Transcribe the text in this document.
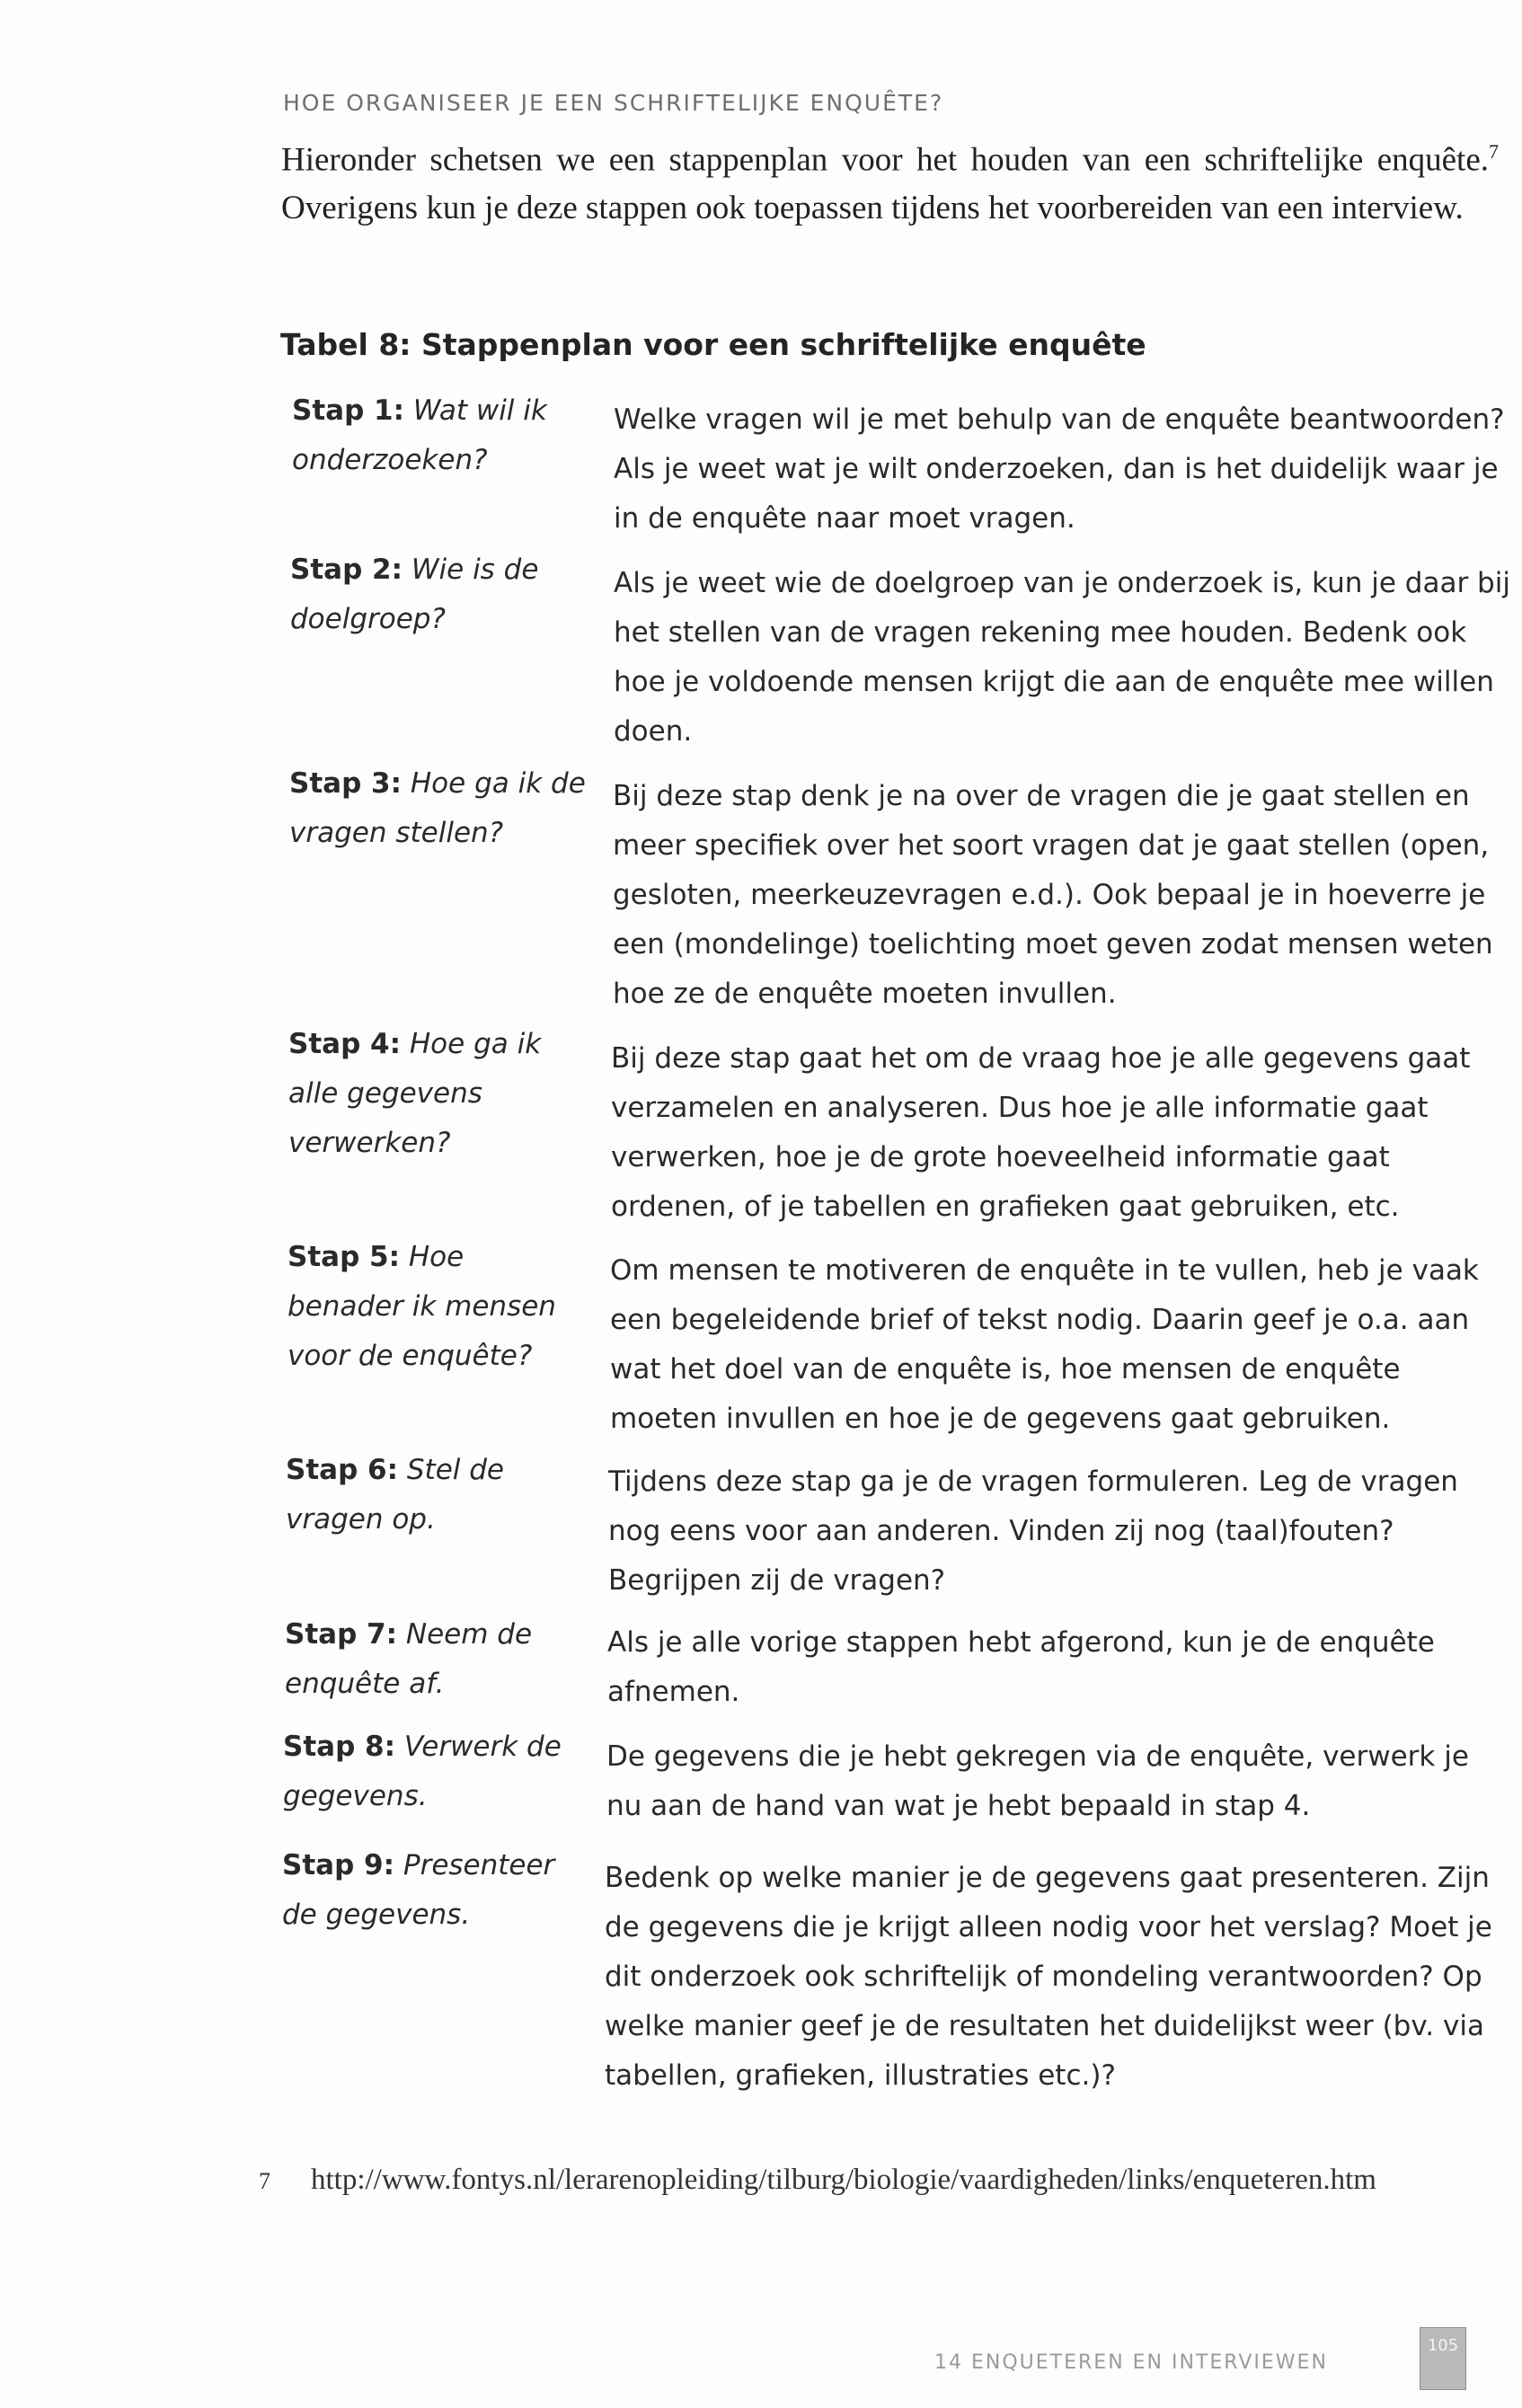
HOE ORGANISEER JE EEN SCHRIFTELIJKE ENQUÊTE?

Hieronder schetsen we een stappenplan voor het houden van een schriftelijke enquête.$^7$ Overigens kun je deze stappen ook toepassen tijdens het voorbereiden van een interview.

Tabel 8: Stappenplan voor een schriftelijke enquête
Stap 1: Wat wil ik onderzoeken?
Welke vragen wil je met behulp van de enquête beantwoorden? Als je weet wat je wilt onderzoeken, dan is het duidelijk waar je in de enquête naar moet vragen.
Stap 2: Wie is de doelgroep?
Als je weet wie de doelgroep van je onderzoek is, kun je daar bij het stellen van de vragen rekening mee houden. Bedenk ook hoe je voldoende mensen krijgt die aan de enquête mee willen doen.
Stap 3: Hoe ga ik de vragen stellen?
Bij deze stap denk je na over de vragen die je gaat stellen en meer specifiek over het soort vragen dat je gaat stellen (open, gesloten, meerkeuzevragen e.d.). Ook bepaal je in hoeverre je een (mondelinge) toelichting moet geven zodat mensen weten hoe ze de enquête moeten invullen.
Stap 4: Hoe ga ik alle gegevens verwerken?
Bij deze stap gaat het om de vraag hoe je alle gegevens gaat verzamelen en analyseren. Dus hoe je alle informatie gaat verwerken, hoe je de grote hoeveelheid informatie gaat ordenen, of je tabellen en grafieken gaat gebruiken, etc.
Stap 5: Hoe benader ik mensen voor de enquête?
Om mensen te motiveren de enquête in te vullen, heb je vaak een begeleidende brief of tekst nodig. Daarin geef je o.a. aan wat het doel van de enquête is, hoe mensen de enquête moeten invullen en hoe je de gegevens gaat gebruiken.
Stap 6: Stel de vragen op.
Tijdens deze stap ga je de vragen formuleren. Leg de vragen nog eens voor aan anderen. Vinden zij nog (taal)fouten? Begrijpen zij de vragen?
Stap 7: Neem de enquête af.
Als je alle vorige stappen hebt afgerond, kun je de enquête afnemen.
Stap 8: Verwerk de gegevens.
De gegevens die je hebt gekregen via de enquête, verwerk je nu aan de hand van wat je hebt bepaald in stap 4.
Stap 9: Presenteer de gegevens.
Bedenk op welke manier je de gegevens gaat presenteren. Zijn de gegevens die je krijgt alleen nodig voor het verslag? Moet je dit onderzoek ook schriftelijk of mondeling verantwoorden? Op welke manier geef je de resultaten het duidelijkst weer (bv. via tabellen, grafieken, illustraties etc.)?
7 http://www.fontys.nl/lerarenopleiding/tilburg/biologie/vaardigheden/links/enqueteren.htm
14 ENQUETEREN EN INTERVIEWEN
105
